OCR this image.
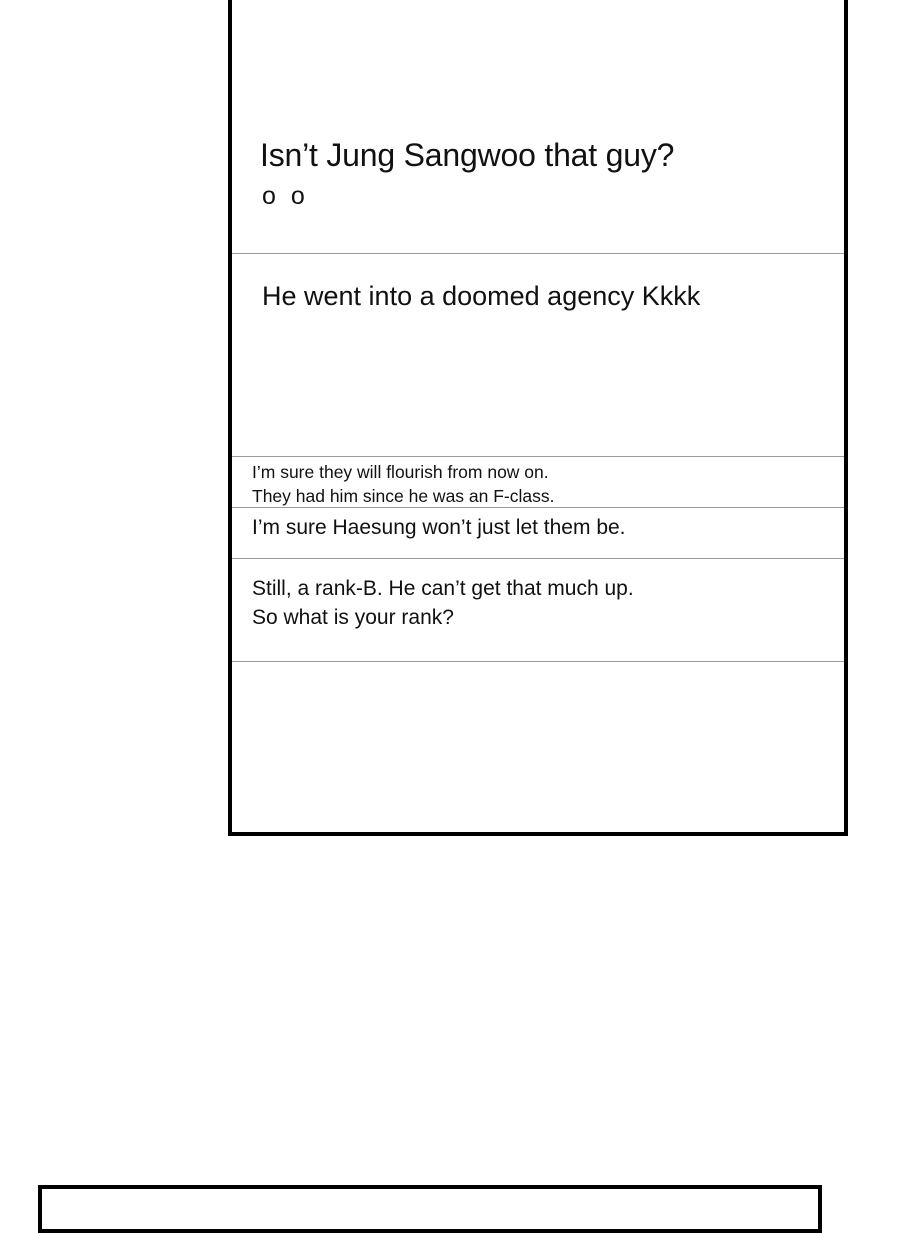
Isn’t Jung Sangwoo that guy?

o o

He went into a doomed agency Kkkk

I’m sure they will flourish from now on.
They had him since he was an F-class.

I’m sure Haesung won’t just let them be.

Still, a rank-B. He can’t get that much up.
So what is your rank?
